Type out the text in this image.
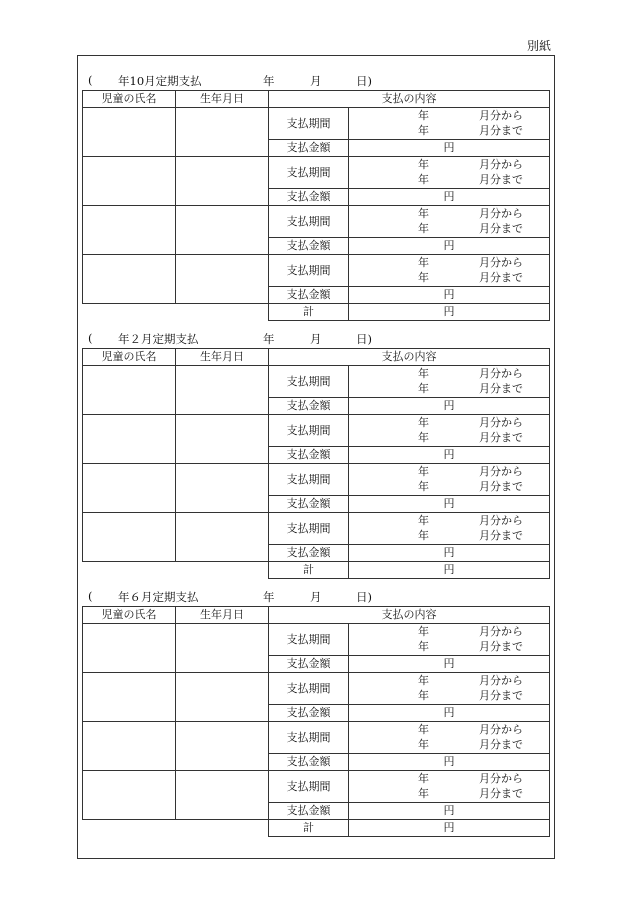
別紙
( 年10月定期支払	年	月	日)
児童の氏名	生年月日	支払の内容	
		支払期間	年 月分から
年 月分まで

		支払金額	円
		支払期間	年 月分から
年 月分まで

		支払金額	円
		支払期間	年 月分から
年 月分まで

		支払金額	円
		支払期間	年 月分から
年 月分まで

		支払金額	円
		計	円
( 年２月定期支払	年	月	日)
児童の氏名	生年月日	支払の内容	
		支払期間	年 月分から
年 月分まで

		支払金額	円
		支払期間	年 月分から
年 月分まで

		支払金額	円
		支払期間	年 月分から
年 月分まで

		支払金額	円
		支払期間	年 月分から
年 月分まで

		支払金額	円
		計	円
( 年６月定期支払	年	月	日)
児童の氏名	生年月日	支払の内容	
		支払期間	年 月分から
年 月分まで

		支払金額	円
		支払期間	年 月分から
年 月分まで

		支払金額	円
		支払期間	年 月分から
年 月分まで

		支払金額	円
		支払期間	年 月分から
年 月分まで

		支払金額	円
		計	円
